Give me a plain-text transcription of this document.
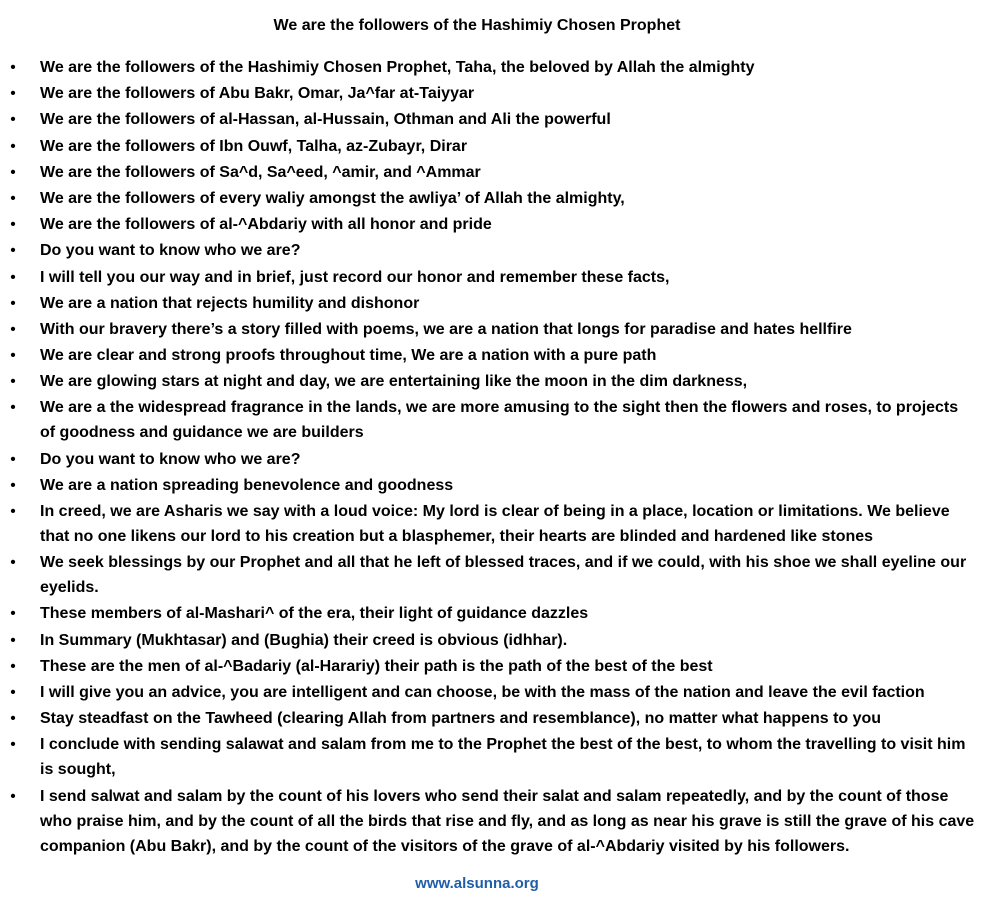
We are the followers of the Hashimiy Chosen Prophet
• We are the followers of the Hashimiy Chosen Prophet, Taha, the beloved by Allah the almighty
• We are the followers of Abu Bakr, Omar, Ja^far at-Taiyyar
• We are the followers of al-Hassan, al-Hussain, Othman and Ali the powerful
• We are the followers of Ibn Ouwf, Talha, az-Zubayr, Dirar
• We are the followers of Sa^d, Sa^eed, ^amir, and ^Ammar
• We are the followers of every waliy amongst the awliya’ of Allah the almighty,
• We are the followers of al-^Abdariy with all honor and pride
• Do you want to know who we are?
• I will tell you our way and in brief, just record our honor and remember these facts,
• We are a nation that rejects humility and dishonor
• With our bravery there’s a story filled with poems, we are a nation that longs for paradise and hates hellfire
• We are clear and strong proofs throughout time, We are a nation with a pure path
• We are glowing stars at night and day, we are entertaining like the moon in the dim darkness,
• We are a the widespread fragrance in the lands, we are more amusing to the sight then the flowers and roses, to projects of goodness and guidance we are builders
• Do you want to know who we are?
• We are a nation spreading benevolence and goodness
• In creed, we are Asharis we say with a loud voice: My lord is clear of being in a place, location or limitations. We believe that no one likens our lord to his creation but a blasphemer, their hearts are blinded and hardened like stones
• We seek blessings by our Prophet and all that he left of blessed traces, and if we could, with his shoe we shall eyeline our eyelids.
• These members of al-Mashari^ of the era, their light of guidance dazzles
• In Summary (Mukhtasar) and (Bughia) their creed is obvious (idhhar).
• These are the men of al-^Badariy (al-Harariy) their path is the path of the best of the best
• I will give you an advice, you are intelligent and can choose, be with the mass of the nation and leave the evil faction
• Stay steadfast on the Tawheed (clearing Allah from partners and resemblance), no matter what happens to you
• I conclude with sending salawat and salam from me to the Prophet the best of the best, to whom the travelling to visit him is sought,
• I send salwat and salam by the count of his lovers who send their salat and salam repeatedly, and by the count of those who praise him, and by the count of all the birds that rise and fly, and as long as near his grave is still the grave of his cave companion (Abu Bakr), and by the count of the visitors of the grave of al-^Abdariy visited by his followers.
www.alsunna.org
